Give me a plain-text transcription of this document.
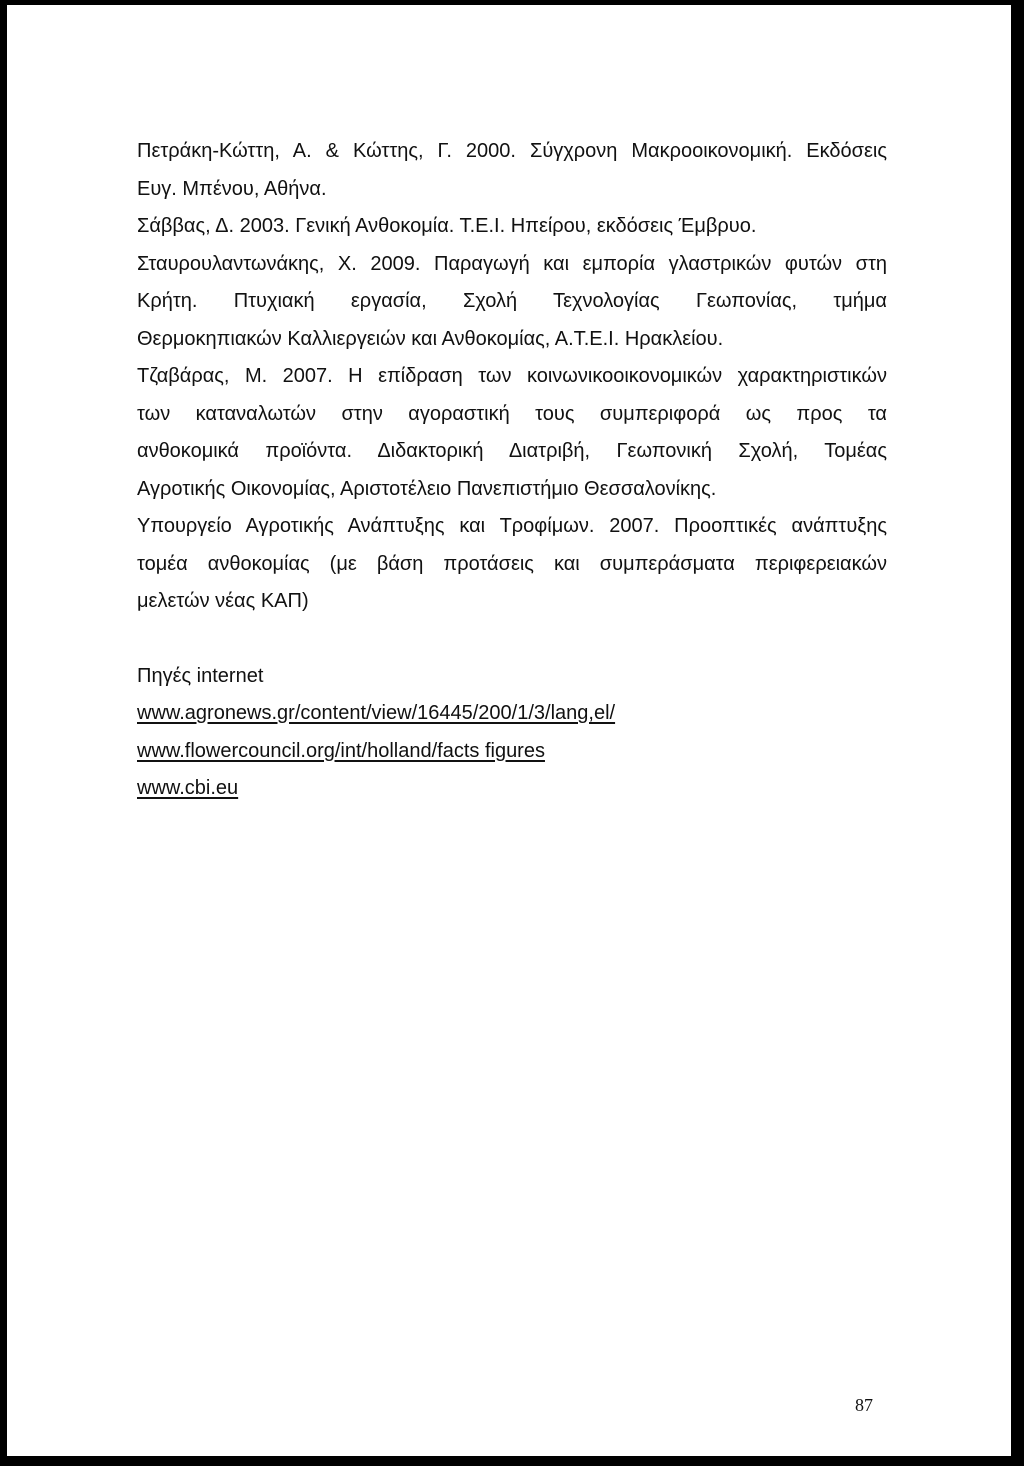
Πετράκη-Κώττη, Α. & Κώττης, Γ. 2000. Σύγχρονη Μακροοικονομική. Εκδόσεις
Ευγ. Μπένου, Αθήνα.
Σάββας, Δ. 2003. Γενική Ανθοκομία. Τ.Ε.Ι. Ηπείρου, εκδόσεις Έμβρυο.
Σταυρουλαντωνάκης, Χ. 2009. Παραγωγή και εμπορία γλαστρικών φυτών στη
Κρήτη. Πτυχιακή εργασία, Σχολή Τεχνολογίας Γεωπονίας, τμήμα
Θερμοκηπιακών Καλλιεργειών και Ανθοκομίας, Α.Τ.Ε.Ι. Ηρακλείου.
Τζαβάρας, Μ. 2007. Η επίδραση των κοινωνικοοικονομικών χαρακτηριστικών
των καταναλωτών στην αγοραστική τους συμπεριφορά ως προς τα
ανθοκομικά προϊόντα. Διδακτορική Διατριβή, Γεωπονική Σχολή, Τομέας
Αγροτικής Οικονομίας, Αριστοτέλειο Πανεπιστήμιο Θεσσαλονίκης.
Υπουργείο Αγροτικής Ανάπτυξης και Τροφίμων. 2007. Προοπτικές ανάπτυξης
τομέα ανθοκομίας (με βάση προτάσεις και συμπεράσματα περιφερειακών
μελετών νέας ΚΑΠ)
Πηγές internet
www.agronews.gr/content/view/16445/200/1/3/lang,el/
www.flowercouncil.org/int/holland/facts figures
www.cbi.eu
87
